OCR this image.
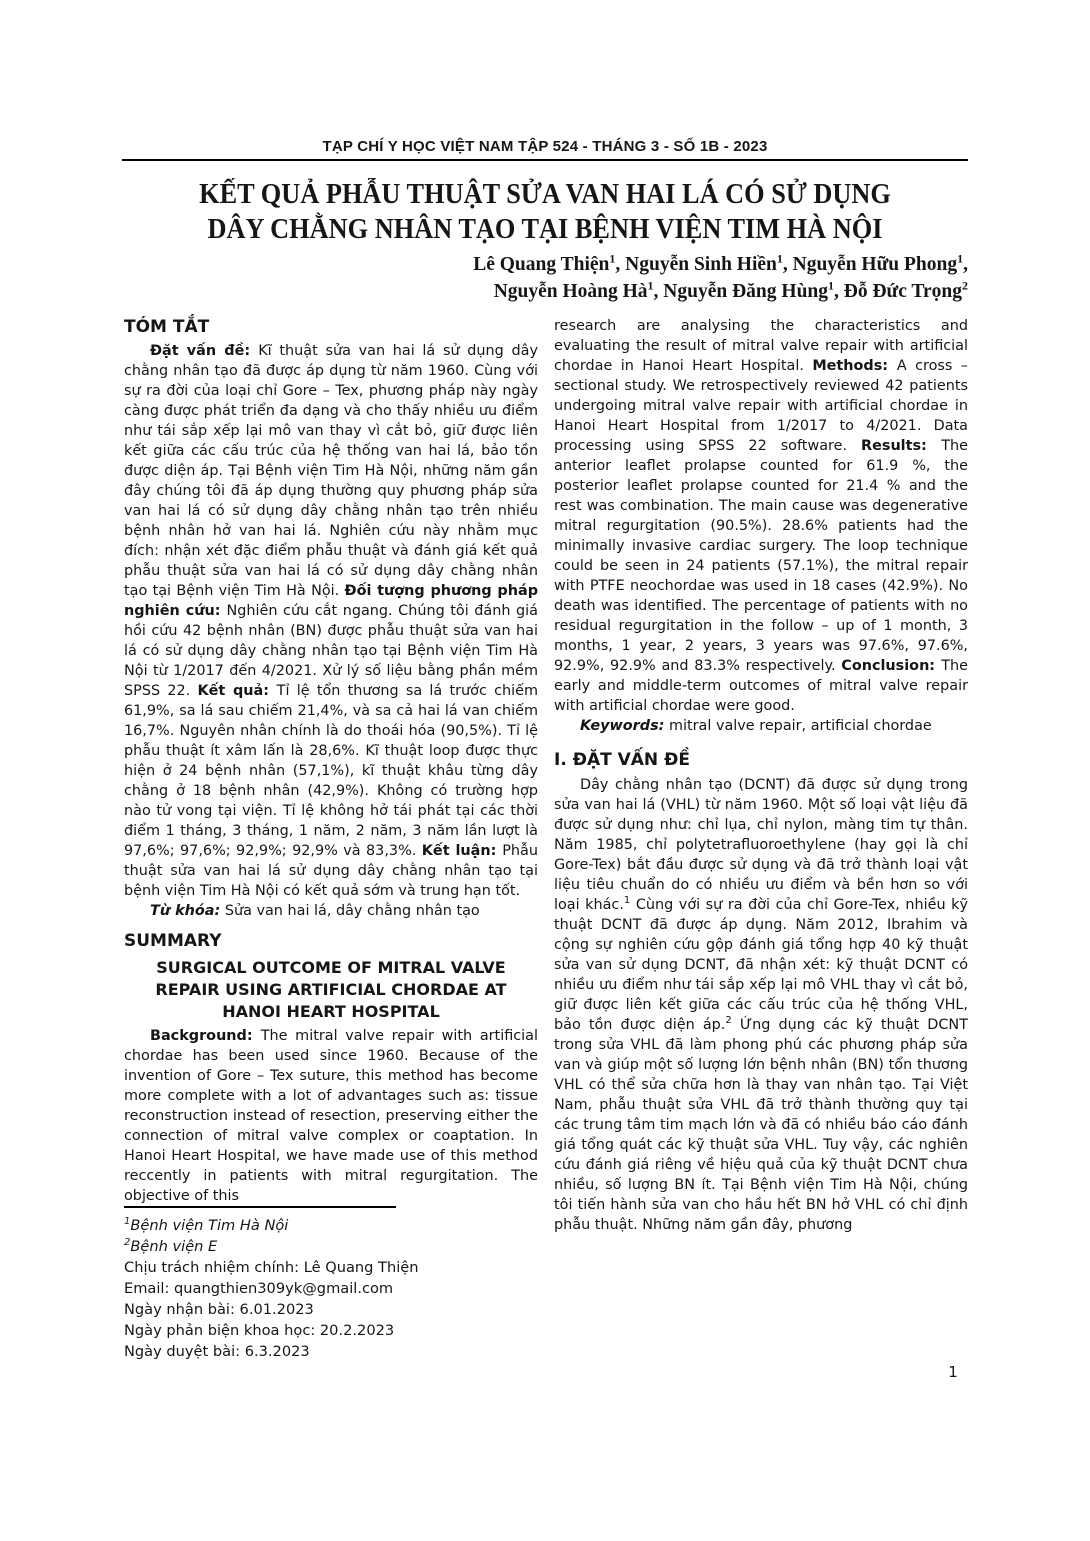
TẠP CHÍ Y HỌC VIỆT NAM TẬP 524 - THÁNG 3 - SỐ 1B - 2023
KẾT QUẢ PHẪU THUẬT SỬA VAN HAI LÁ CÓ SỬ DỤNG
DÂY CHẰNG NHÂN TẠO TẠI BỆNH VIỆN TIM HÀ NỘI
Lê Quang Thiện$^1$, Nguyễn Sinh Hiền$^1$, Nguyễn Hữu Phong$^1$,
Nguyễn Hoàng $Hà^1$, Nguyễn Đăng Hùng$^1$, Đỗ Đức Trọng$^2$
TÓM TẮT

Đặt vấn đề: Kĩ thuật sửa van hai lá sử dụng dây chằng nhân tạo đã được áp dụng từ năm 1960. Cùng với sự ra đời của loại chỉ Gore – Tex, phương pháp này ngày càng được phát triển đa dạng và cho thấy nhiều ưu điểm như tái sắp xếp lại mô van thay vì cắt bỏ, giữ được liên kết giữa các cấu trúc của hệ thống van hai lá, bảo tồn được diện áp. Tại Bệnh viện Tim Hà Nội, những năm gần đây chúng tôi đã áp dụng thường quy phương pháp sửa van hai lá có sử dụng dây chằng nhân tạo trên nhiều bệnh nhân hở van hai lá. Nghiên cứu này nhằm mục đích: nhận xét đặc điểm phẫu thuật và đánh giá kết quả phẫu thuật sửa van hai lá có sử dụng dây chằng nhân tạo tại Bệnh viện Tim Hà Nội. Đối tượng phương pháp nghiên cứu: Nghiên cứu cắt ngang. Chúng tôi đánh giá hồi cứu 42 bệnh nhân (BN) được phẫu thuật sửa van hai lá có sử dụng dây chằng nhân tạo tại Bệnh viện Tim Hà Nội từ 1/2017 đến 4/2021. Xử lý số liệu bằng phần mềm SPSS 22. Kết quả: Tỉ lệ tổn thương sa lá trước chiếm 61,9%, sa lá sau chiếm 21,4%, và sa cả hai lá van chiếm 16,7%. Nguyên nhân chính là do thoái hóa (90,5%). Tỉ lệ phẫu thuật ít xâm lấn là 28,6%. Kĩ thuật loop được thực hiện ở 24 bệnh nhân (57,1%), kĩ thuật khâu từng dây chằng ở 18 bệnh nhân (42,9%). Không có trường hợp nào tử vong tại viện. Tỉ lệ không hở tái phát tại các thời điểm 1 tháng, 3 tháng, 1 năm, 2 năm, 3 năm lần lượt là 97,6%; 97,6%; 92,9%; 92,9% và 83,3%. Kết luận: Phẫu thuật sửa van hai lá sử dụng dây chằng nhân tạo tại bệnh viện Tim Hà Nội có kết quả sớm và trung hạn tốt.

Từ khóa: Sửa van hai lá, dây chằng nhân tạo

SUMMARY
SURGICAL OUTCOME OF MITRAL VALVE REPAIR USING ARTIFICIAL CHORDAE AT HANOI HEART HOSPITAL

Background: The mitral valve repair with artificial chordae has been used since 1960. Because of the invention of Gore – Tex suture, this method has become more complete with a lot of advantages such as: tissue reconstruction instead of resection, preserving either the connection of mitral valve complex or coaptation. In Hanoi Heart Hospital, we have made use of this method reccently in patients with mitral regurgitation. The objective of this

$^1$Bệnh viện Tim Hà Nội
$^2$Bệnh viện E
Chịu trách nhiệm chính: Lê Quang Thiện
Email: quangthien309yk@gmail.com
Ngày nhận bài: 6.01.2023
Ngày phản biện khoa học: 20.2.2023
Ngày duyệt bài: 6.3.2023

research are analysing the characteristics and evaluating the result of mitral valve repair with artificial chordae in Hanoi Heart Hospital. Methods: A cross – sectional study. We retrospectively reviewed 42 patients undergoing mitral valve repair with artificial chordae in Hanoi Heart Hospital from 1/2017 to 4/2021. Data processing using SPSS 22 software. Results: The anterior leaflet prolapse counted for 61.9 %, the posterior leaflet prolapse counted for 21.4 % and the rest was combination. The main cause was degenerative mitral regurgitation (90.5%). 28.6% patients had the minimally invasive cardiac surgery. The loop technique could be seen in 24 patients (57.1%), the mitral repair with PTFE neochordae was used in 18 cases (42.9%). No death was identified. The percentage of patients with no residual regurgitation in the follow – up of 1 month, 3 months, 1 year, 2 years, 3 years was 97.6%, 97.6%, 92.9%, 92.9% and 83.3% respectively. Conclusion: The early and middle-term outcomes of mitral valve repair with artificial chordae were good.

Keywords: mitral valve repair, artificial chordae

I. ĐẶT VẤN ĐỀ

Dây chằng nhân tạo (DCNT) đã được sử dụng trong sửa van hai lá (VHL) từ năm 1960. Một số loại vật liệu đã được sử dụng như: chỉ lụa, chỉ nylon, màng tim tự thân. Năm 1985, chỉ polytetrafluoroethylene (hay gọi là chỉ Gore-Tex) bắt đầu được sử dụng và đã trở thành loại vật liệu tiêu chuẩn do có nhiều ưu điểm và bền hơn so với loại khác.$^1$ Cùng với sự ra đời của chỉ Gore-Tex, nhiều kỹ thuật DCNT đã được áp dụng. Năm 2012, Ibrahim và cộng sự nghiên cứu gộp đánh giá tổng hợp 40 kỹ thuật sửa van sử dụng DCNT, đã nhận xét: kỹ thuật DCNT có nhiều ưu điểm như tái sắp xếp lại mô VHL thay vì cắt bỏ, giữ được liên kết giữa các cấu trúc của hệ thống VHL, bảo tồn được diện áp.$^2$ Ứng dụng các kỹ thuật DCNT trong sửa VHL đã làm phong phú các phương pháp sửa van và giúp một số lượng lớn bệnh nhân (BN) tổn thương VHL có thể sửa chữa hơn là thay van nhân tạo. Tại Việt Nam, phẫu thuật sửa VHL đã trở thành thường quy tại các trung tâm tim mạch lớn và đã có nhiều báo cáo đánh giá tổng quát các kỹ thuật sửa VHL. Tuy vậy, các nghiên cứu đánh giá riêng về hiệu quả của kỹ thuật DCNT chưa nhiều, số lượng BN ít. Tại Bệnh viện Tim Hà Nội, chúng tôi tiến hành sửa van cho hầu hết BN hở VHL có chỉ định phẫu thuật. Những năm gần đây, phương

1
